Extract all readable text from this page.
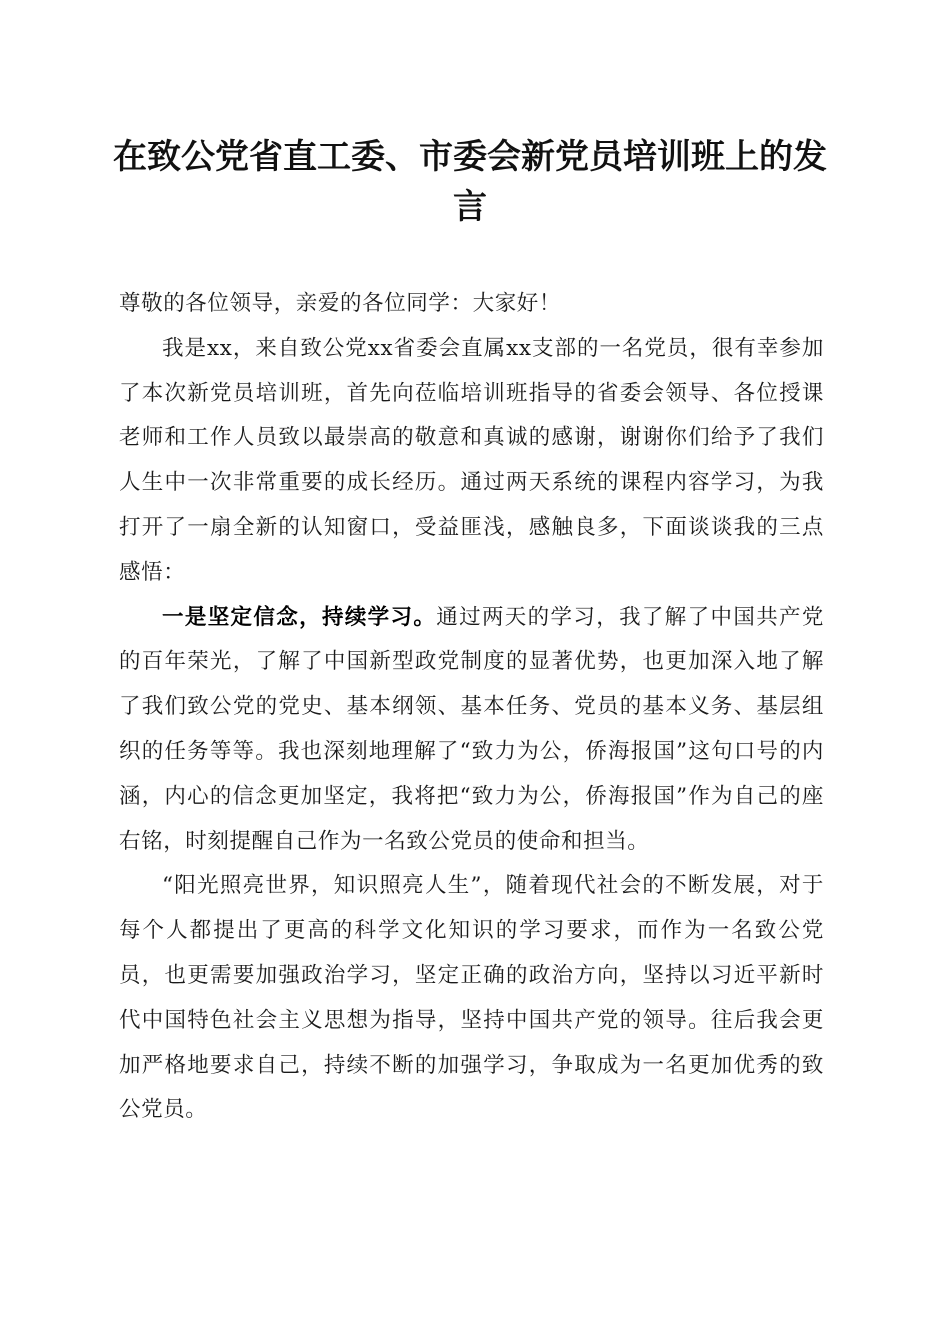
在致公党省直工委、市委会新党员培训班上的发言

尊敬的各位领导，亲爱的各位同学：大家好！

我是xx，来自致公党xx省委会直属xx支部的一名党员，很有幸参加了本次新党员培训班，首先向莅临培训班指导的省委会领导、各位授课老师和工作人员致以最崇高的敬意和真诚的感谢，谢谢你们给予了我们人生中一次非常重要的成长经历。通过两天系统的课程内容学习，为我打开了一扇全新的认知窗口，受益匪浅，感触良多，下面谈谈我的三点感悟：

一是坚定信念，持续学习。通过两天的学习，我了解了中国共产党的百年荣光，了解了中国新型政党制度的显著优势，也更加深入地了解了我们致公党的党史、基本纲领、基本任务、党员的基本义务、基层组织的任务等等。我也深刻地理解了“致力为公，侨海报国”这句口号的内涵，内心的信念更加坚定，我将把“致力为公，侨海报国”作为自己的座右铭，时刻提醒自己作为一名致公党员的使命和担当。

“阳光照亮世界，知识照亮人生”，随着现代社会的不断发展，对于每个人都提出了更高的科学文化知识的学习要求，而作为一名致公党员，也更需要加强政治学习，坚定正确的政治方向，坚持以习近平新时代中国特色社会主义思想为指导，坚持中国共产党的领导。往后我会更加严格地要求自己，持续不断的加强学习，争取成为一名更加优秀的致公党员。
